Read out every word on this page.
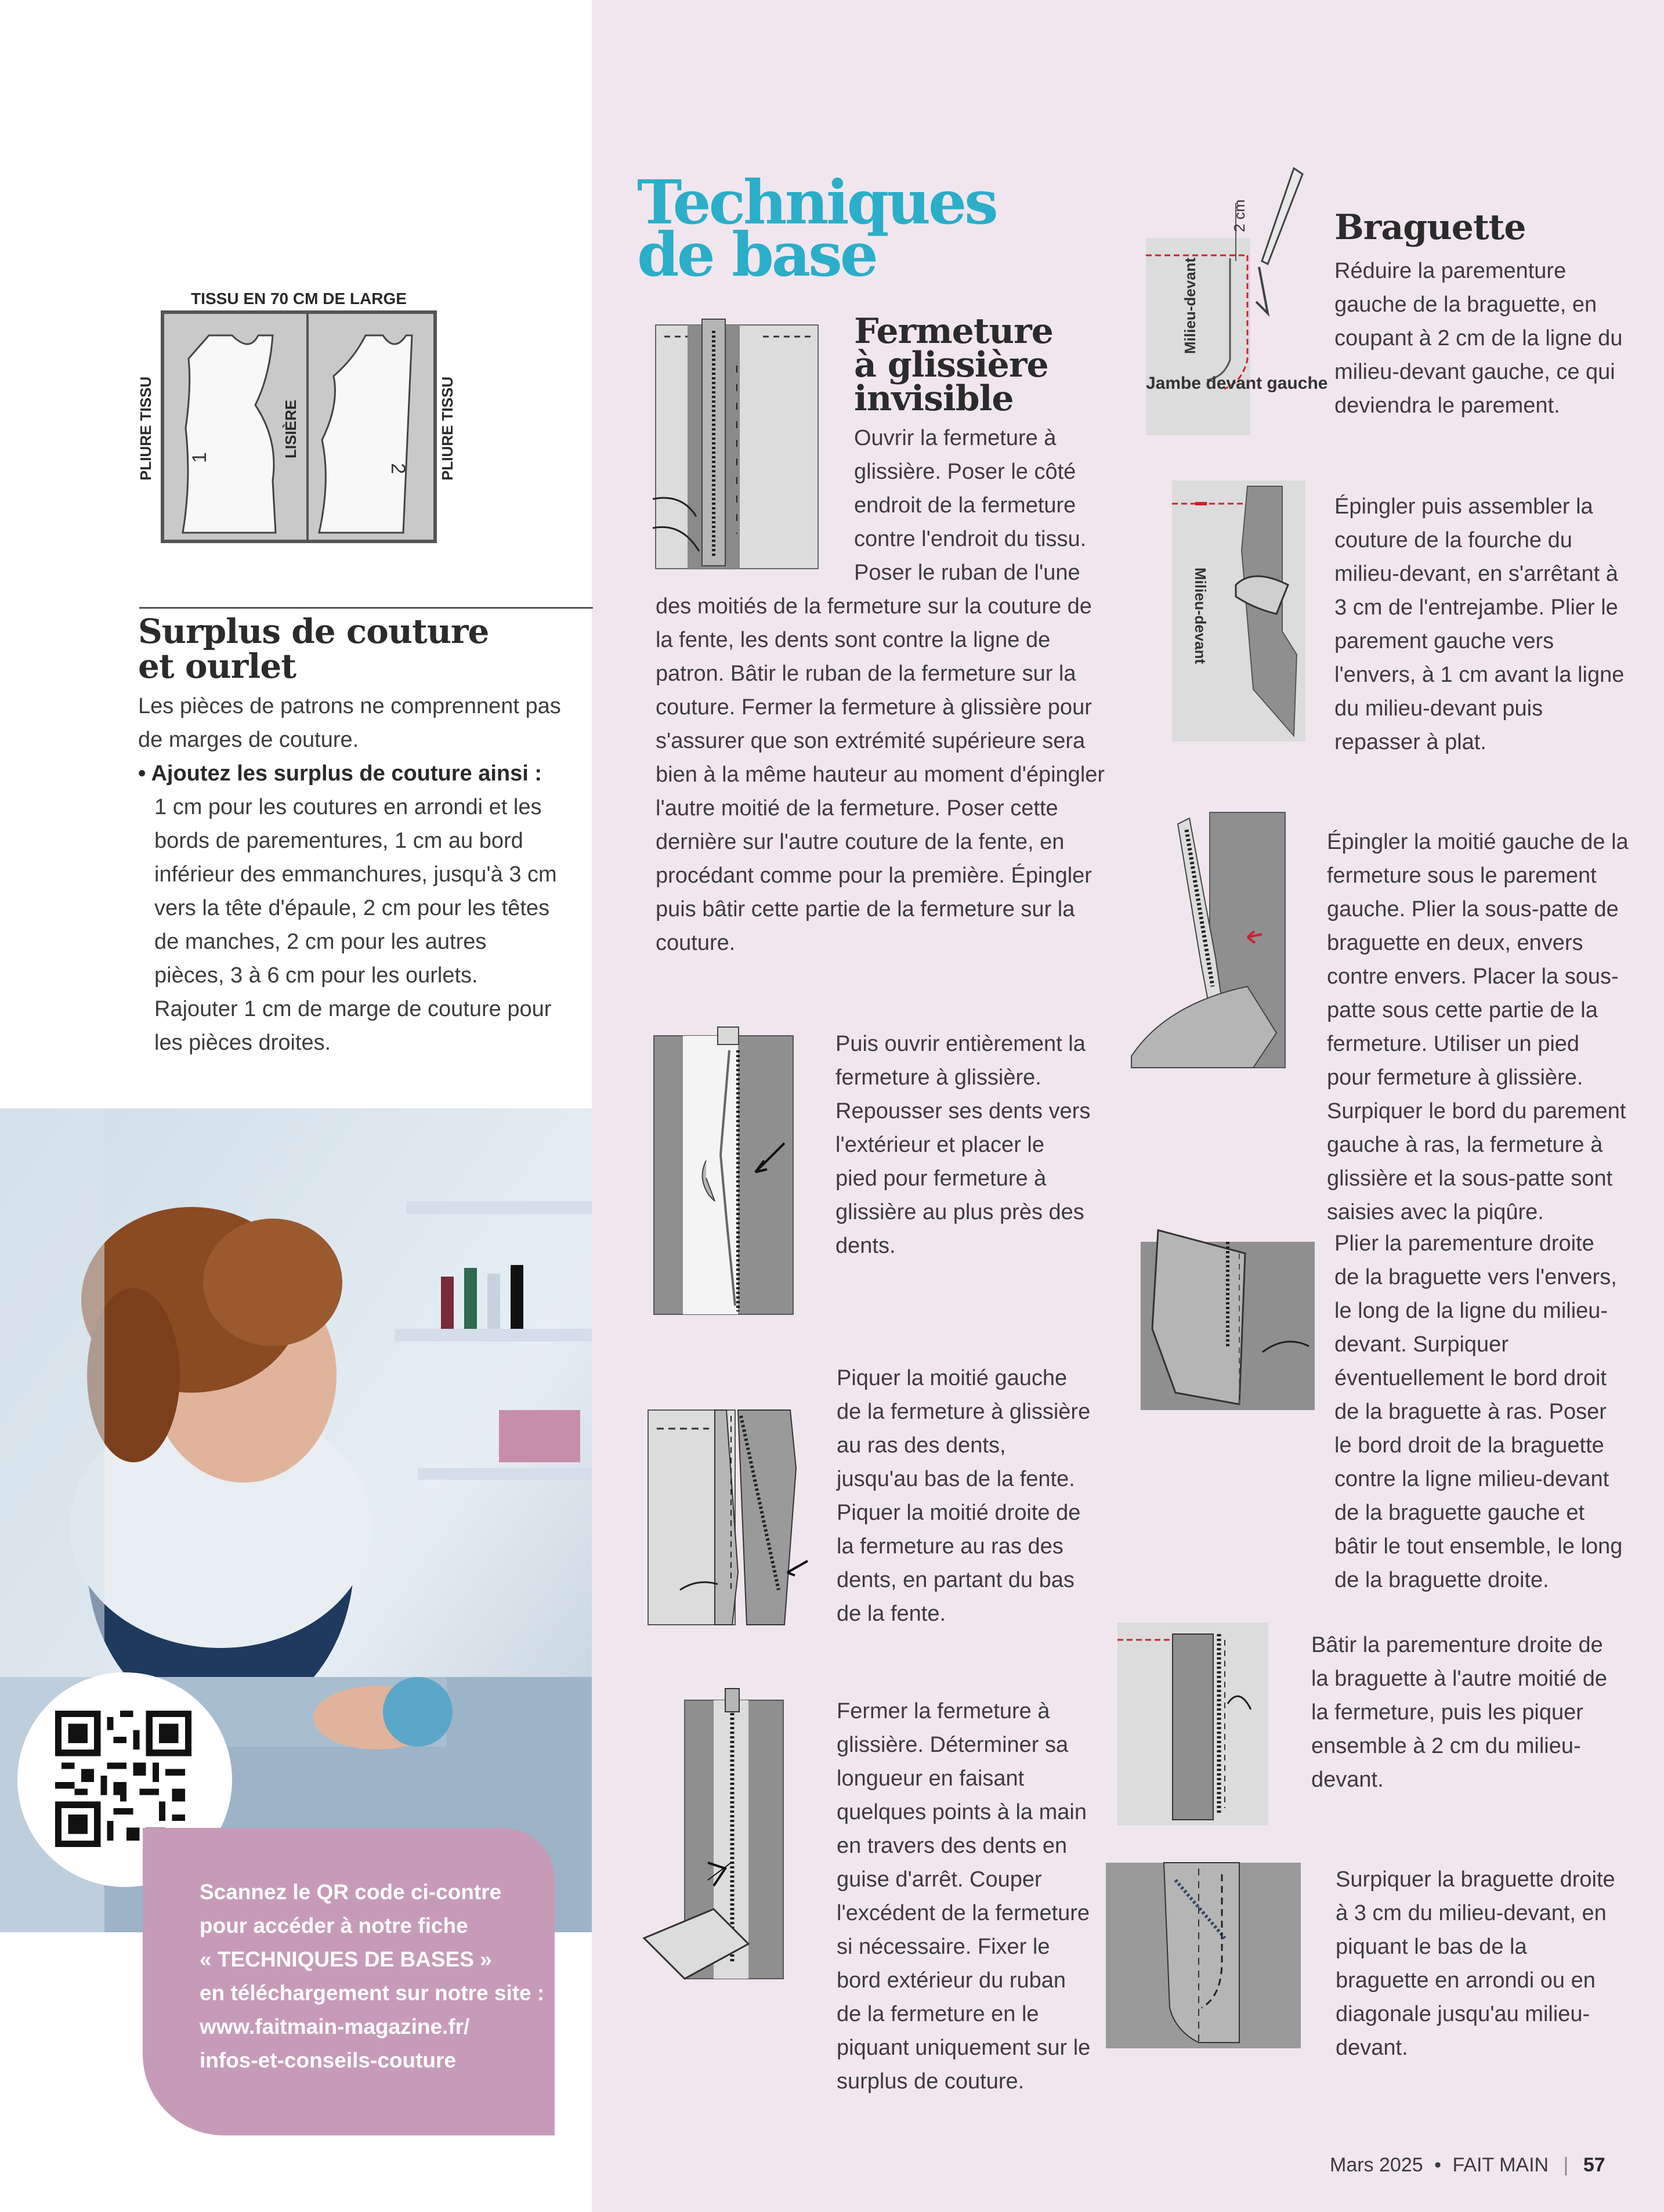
TISSU EN 70 CM DE LARGE
1
2
PLIURE TISSU	LISIÈRE	PLIURE TISSU
Surplus de couture
et ourlet
Les pièces de patrons ne comprennent pas de marges de couture.
• Ajoutez les surplus de couture ainsi :
1 cm pour les coutures en arrondi et les bords de parementures, 1 cm au bord inférieur des emmanchures, jusqu'à 3 cm vers la tête d'épaule, 2 cm pour les têtes de manches, 2 cm pour les autres pièces, 3 à 6 cm pour les ourlets. Rajouter 1 cm de marge de couture pour les pièces droites.
Scannez le QR code ci-contre
pour accéder à notre fiche
« TECHNIQUES DE BASES »
en téléchargement sur notre site :
www.faitmain-magazine.fr/
infos-et-conseils-couture
Techniques de base
Fermeture
à glissière
invisible
Ouvrir la fermeture à glissière. Poser le côté endroit de la fermeture contre l'endroit du tissu. Poser le ruban de l'une des moitiés de la fermeture sur la couture de la fente, les dents sont contre la ligne de patron. Bâtir le ruban de la fermeture sur la couture. Fermer la fermeture à glissière pour s'assurer que son extrémité supérieure sera bien à la même hauteur au moment d'épingler l'autre moitié de la fermeture. Poser cette dernière sur l'autre couture de la fente, en procédant comme pour la première. Épingler puis bâtir cette partie de la fermeture sur la couture.
Puis ouvrir entièrement la fermeture à glissière. Repousser ses dents vers l'extérieur et placer le pied pour fermeture à glissière au plus près des dents.
Piquer la moitié gauche de la fermeture à glissière au ras des dents, jusqu'au bas de la fente. Piquer la moitié droite de la fermeture au ras des dents, en partant du bas de la fente.
Fermer la fermeture à glissière. Déterminer sa longueur en faisant quelques points à la main en travers des dents en guise d'arrêt. Couper l'excédent de la fermeture si nécessaire. Fixer le bord extérieur du ruban de la fermeture en le piquant uniquement sur le surplus de couture.
2 cm
Milieu-devant
Jambe devant gauche
Braguette
Réduire la parementure gauche de la braguette, en coupant à 2 cm de la ligne du milieu-devant gauche, ce qui deviendra le parement.
Milieu-devant
Épingler puis assembler la couture de la fourche du milieu-devant, en s'arrêtant à 3 cm de l'entrejambe. Plier le parement gauche vers l'envers, à 1 cm avant la ligne du milieu-devant puis repasser à plat.
Épingler la moitié gauche de la fermeture sous le parement gauche. Plier la sous-patte de braguette en deux, envers contre envers. Placer la sous-patte sous cette partie de la fermeture. Utiliser un pied pour fermeture à glissière. Surpiquer le bord du parement gauche à ras, la fermeture à glissière et la sous-patte sont saisies avec la piqûre.
Plier la parementure droite de la braguette vers l'envers, le long de la ligne du milieu-devant. Surpiquer éventuellement le bord droit de la braguette à ras. Poser le bord droit de la braguette contre la ligne milieu-devant de la braguette gauche et bâtir le tout ensemble, le long de la braguette droite.
Bâtir la parementure droite de la braguette à l'autre moitié de la fermeture, puis les piquer ensemble à 2 cm du milieu-devant.
Surpiquer la braguette droite à 3 cm du milieu-devant, en piquant le bas de la braguette en arrondi ou en diagonale jusqu'au milieu-devant.
Mars 2025 • FAIT MAIN | 57
